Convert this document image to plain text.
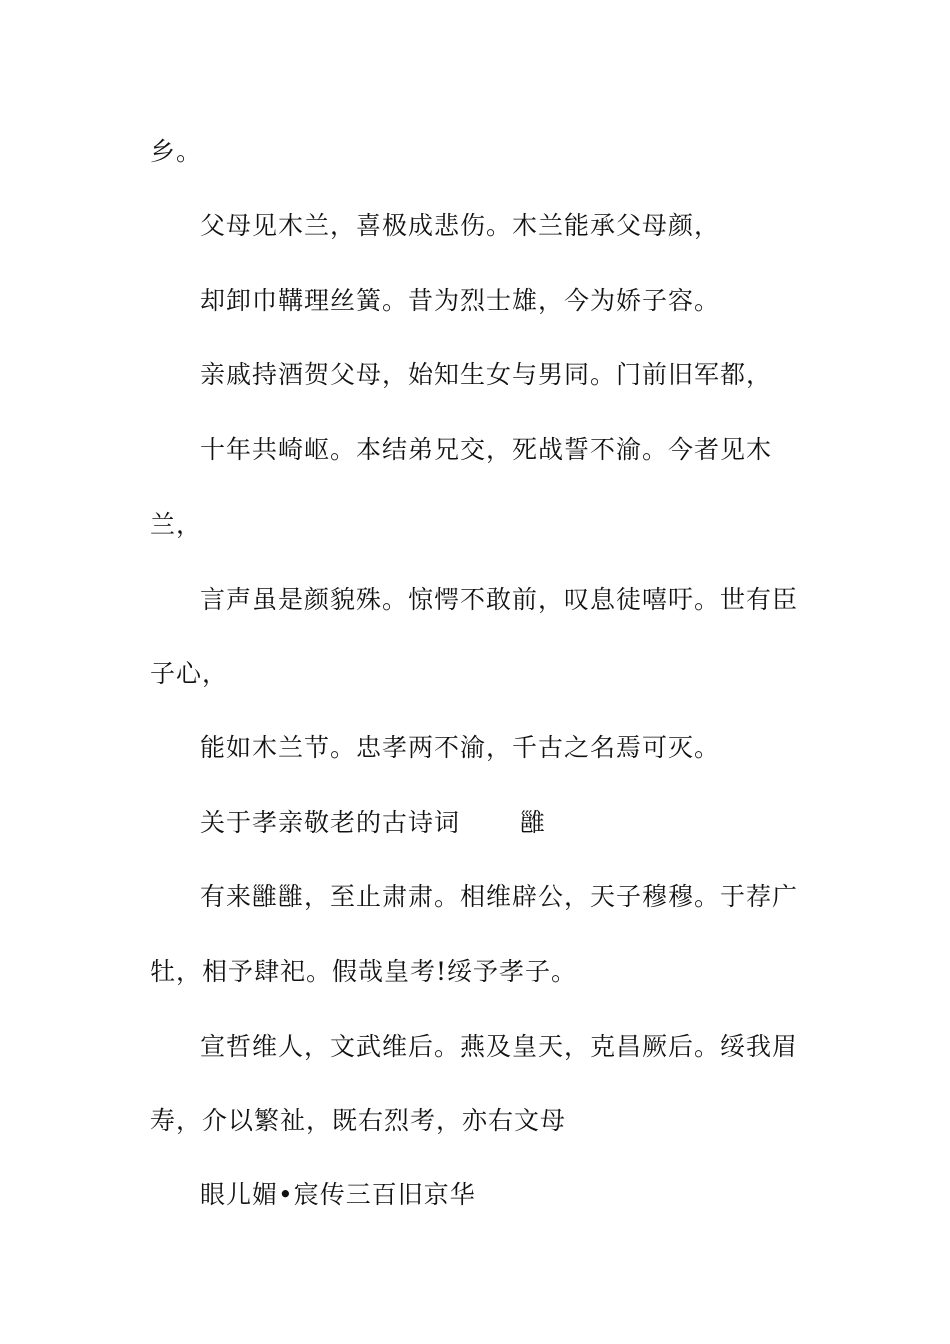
乡。
父母见木兰，喜极成悲伤。木兰能承父母颜，
却卸巾鞲理丝簧。昔为烈士雄，今为娇子容。
亲戚持酒贺父母，始知生女与男同。门前旧军都，
十年共崎岖。本结弟兄交，死战誓不渝。今者见木
兰，
言声虽是颜貌殊。惊愕不敢前，叹息徒嘻吁。世有臣
子心，
能如木兰节。忠孝两不渝，千古之名焉可灭。
关于孝亲敬老的古诗词 雝
有来雝雝，至止肃肃。相维辟公，天子穆穆。于荐广
牡，相予肆祀。假哉皇考!绥予孝子。
宣哲维人，文武维后。燕及皇天，克昌厥后。绥我眉
寿，介以繁祉，既右烈考，亦右文母
眼儿媚•宸传三百旧京华
